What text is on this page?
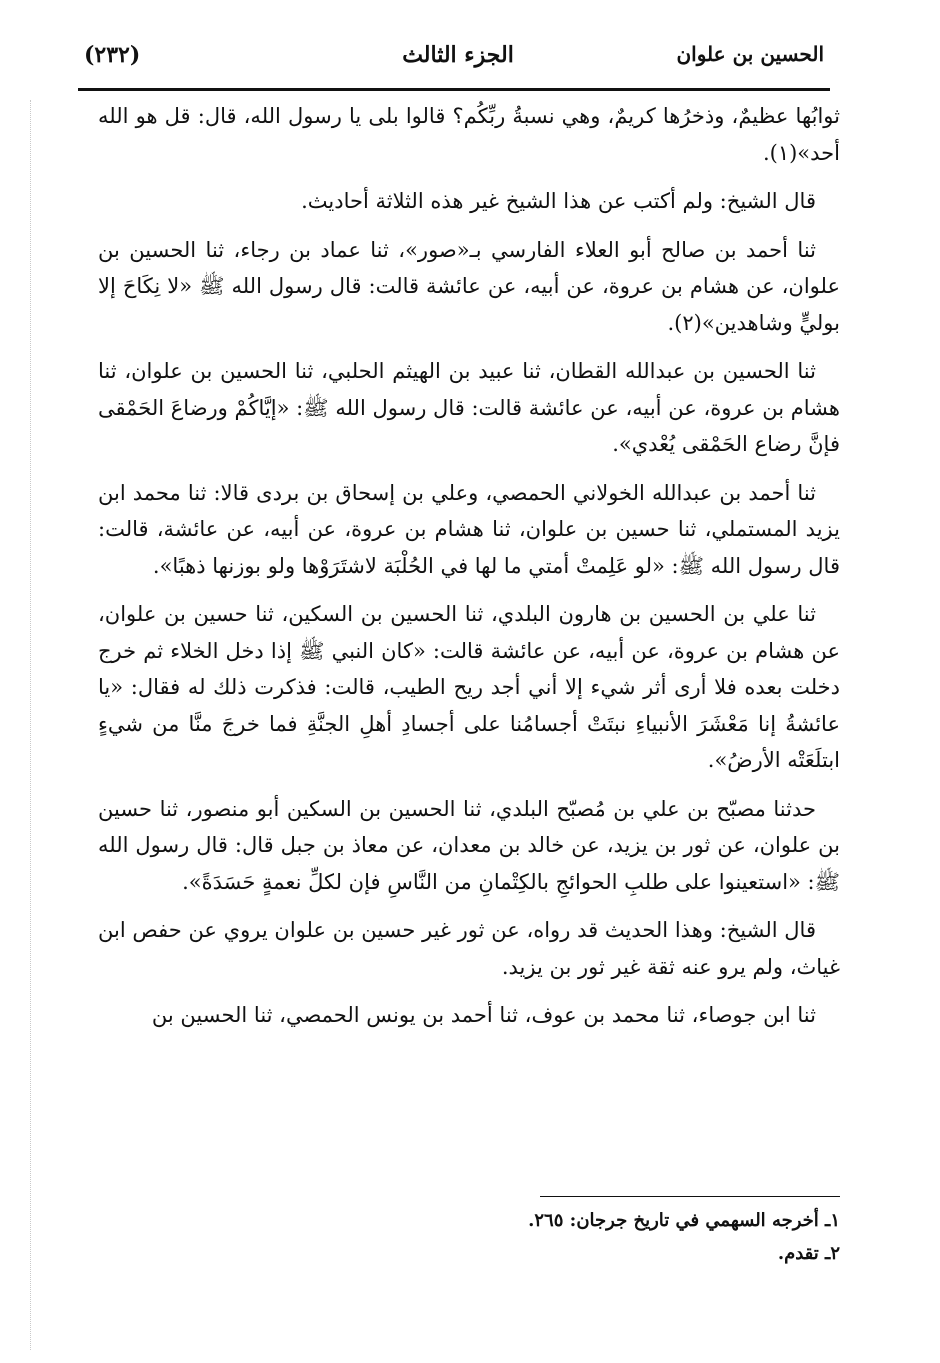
الحسين بن علوان
الجزء الثالث
(٢٣٢)

ثوابُها عظيمٌ، وذخرُها كريمٌ، وهي نسبةُ ربِّكُم؟ قالوا بلى يا رسول الله، قال: قل هو الله أحد»(١).

قال الشيخ: ولم أكتب عن هذا الشيخ غير هذه الثلاثة أحاديث.

ثنا أحمد بن صالح أبو العلاء الفارسي بـ«صور»، ثنا عماد بن رجاء، ثنا الحسين بن علوان، عن هشام بن عروة، عن أبيه، عن عائشة قالت: قال رسول الله ﷺ «لا نِكَاحَ إلا بوليٍّ وشاهدين»(٢).

ثنا الحسين بن عبدالله القطان، ثنا عبيد بن الهيثم الحلبي، ثنا الحسين بن علوان، ثنا هشام بن عروة، عن أبيه، عن عائشة قالت: قال رسول الله ﷺ: «إيَّاكُمْ ورضاعَ الحَمْقى فإنَّ رضاع الحَمْقى يُعْدي».

ثنا أحمد بن عبدالله الخولاني الحمصي، وعلي بن إسحاق بن بردى قالا: ثنا محمد ابن يزيد المستملي، ثنا حسين بن علوان، ثنا هشام بن عروة، عن أبيه، عن عائشة، قالت: قال رسول الله ﷺ: «لو عَلِمتْ أمتي ما لها في الحُلْبَة لاشتَرَوْها ولو بوزنها ذهبًا».

ثنا علي بن الحسين بن هارون البلدي، ثنا الحسين بن السكين، ثنا حسين بن علوان، عن هشام بن عروة، عن أبيه، عن عائشة قالت: «كان النبي ﷺ إذا دخل الخلاء ثم خرج دخلت بعده فلا أرى أثر شيء إلا أني أجد ريح الطيب، قالت: فذكرت ذلك له فقال: «يا عائشةُ إنا مَعْشَرَ الأنبياءِ نبتَتْ أجسامُنا على أجسادِ أهلِ الجنَّةِ فما خرجَ منَّا من شيءٍ ابتلَعَتْه الأرضُ».

حدثنا مصبّح بن علي بن مُصبّح البلدي، ثنا الحسين بن السكين أبو منصور، ثنا حسين بن علوان، عن ثور بن يزيد، عن خالد بن معدان، عن معاذ بن جبل قال: قال رسول الله ﷺ: «استعينوا على طلبِ الحوائجِ بالكِتْمانِ من النَّاسِ فإن لكلِّ نعمةٍ حَسَدَةً».

قال الشيخ: وهذا الحديث قد رواه، عن ثور غير حسين بن علوان يروي عن حفص ابن غياث، ولم يرو عنه ثقة غير ثور بن يزيد.

ثنا ابن جوصاء، ثنا محمد بن عوف، ثنا أحمد بن يونس الحمصي، ثنا الحسين بن

١ـ أخرجه السهمي في تاريخ جرجان: ٢٦٥.

٢ـ تقدم.
